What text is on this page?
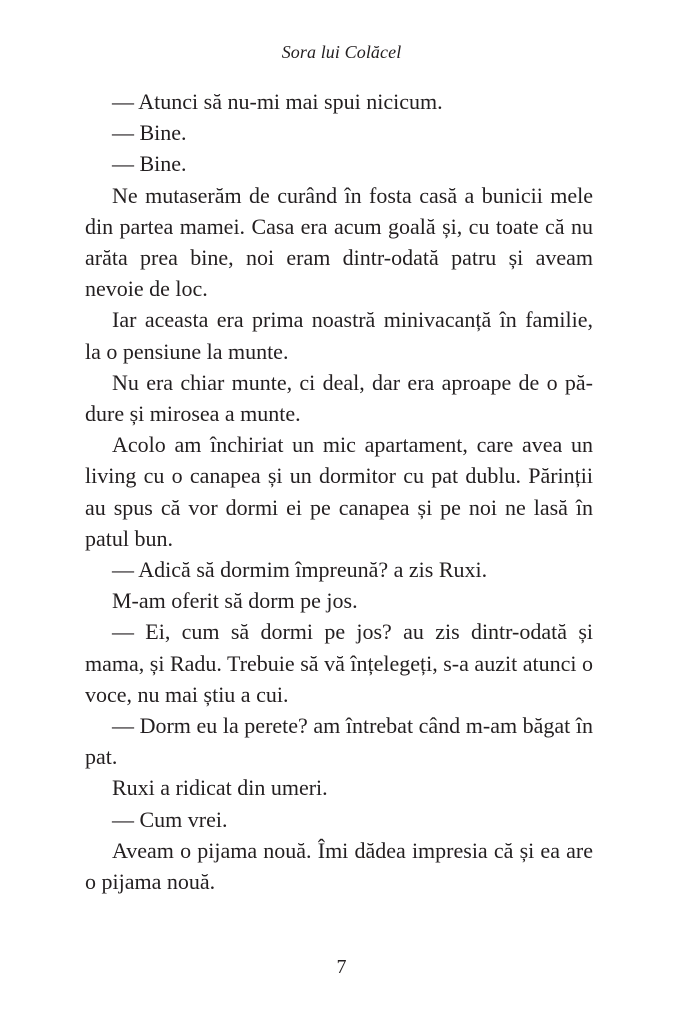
Sora lui Colăcel

— Atunci să nu-mi mai spui nicicum.

— Bine.

— Bine.

Ne mutaserăm de curând în fosta casă a bunicii mele din partea mamei. Casa era acum goală și, cu toate că nu arăta prea bine, noi eram dintr-odată patru și aveam nevoie de loc.

Iar aceasta era prima noastră minivacanță în familie, la o pensiune la munte.

Nu era chiar munte, ci deal, dar era aproape de o pădure și mirosea a munte.

Acolo am închiriat un mic apartament, care avea un living cu o canapea și un dormitor cu pat dublu. Părinții au spus că vor dormi ei pe canapea și pe noi ne lasă în patul bun.

— Adică să dormim împreună? a zis Ruxi.

M-am oferit să dorm pe jos.

— Ei, cum să dormi pe jos? au zis dintr-odată și mama, și Radu. Trebuie să vă înțelegeți, s-a auzit atunci o voce, nu mai știu a cui.

— Dorm eu la perete? am întrebat când m-am băgat în pat.

Ruxi a ridicat din umeri.

— Cum vrei.

Aveam o pijama nouă. Îmi dădea impresia că și ea are o pijama nouă.

7
